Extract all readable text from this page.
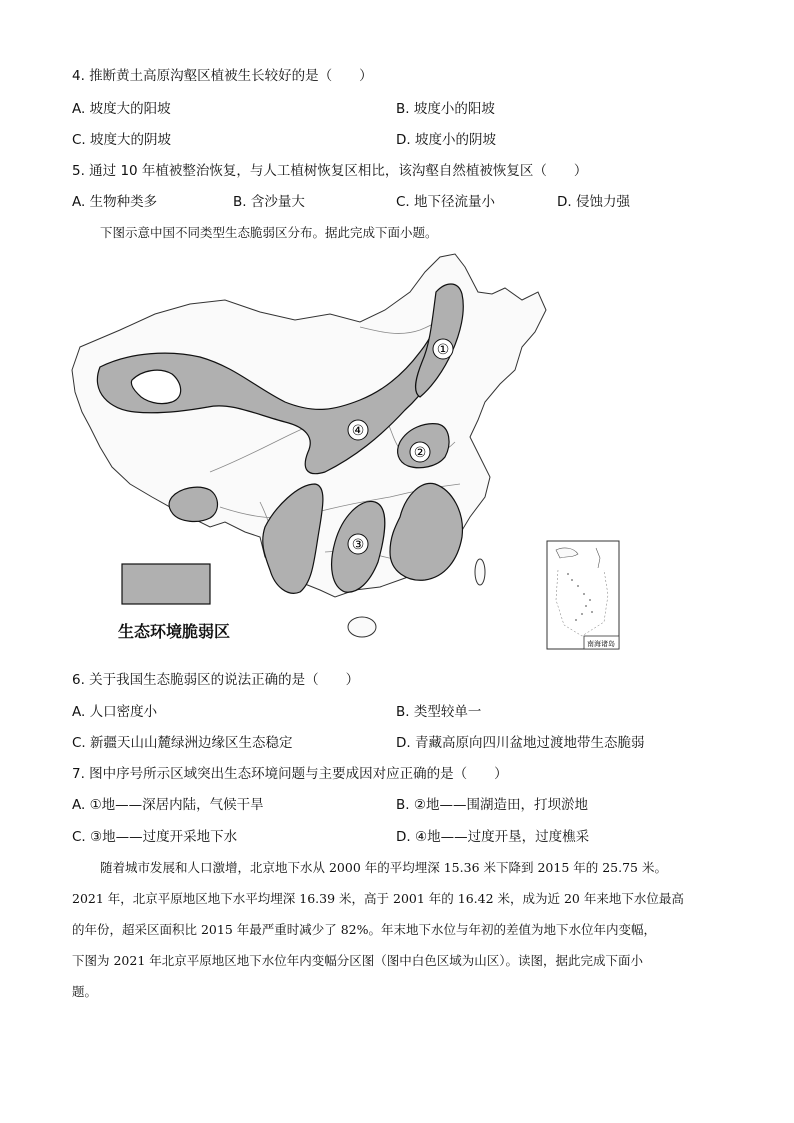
4. 推断黄土高原沟壑区植被生长较好的是（　　）
A. 坡度大的阳坡	B. 坡度小的阳坡
C. 坡度大的阴坡	D. 坡度小的阴坡
5. 通过 10 年植被整治恢复，与人工植树恢复区相比，该沟壑自然植被恢复区（　　）
A. 生物种类多	B. 含沙量大	C. 地下径流量小	D. 侵蚀力强
下图示意中国不同类型生态脆弱区分布。据此完成下面小题。
①
②
③
④
生态环境脆弱区
南海诸岛
6. 关于我国生态脆弱区的说法正确的是（　　）
A. 人口密度小	B. 类型较单一
C. 新疆天山山麓绿洲边缘区生态稳定	D. 青藏高原向四川盆地过渡地带生态脆弱
7. 图中序号所示区域突出生态环境问题与主要成因对应正确的是（　　）
A. ①地——深居内陆，气候干旱	B. ②地——围湖造田，打坝淤地
C. ③地——过度开采地下水	D. ④地——过度开垦，过度樵采
随着城市发展和人口激增，北京地下水从 2000 年的平均埋深 15.36 米下降到 2015 年的 25.75 米。
2021 年，北京平原地区地下水平均埋深 16.39 米，高于 2001 年的 16.42 米，成为近 20 年来地下水位最高
的年份，超采区面积比 2015 年最严重时减少了 82%。年末地下水位与年初的差值为地下水位年内变幅，
下图为 2021 年北京平原地区地下水位年内变幅分区图（图中白色区域为山区）。读图，据此完成下面小
题。
